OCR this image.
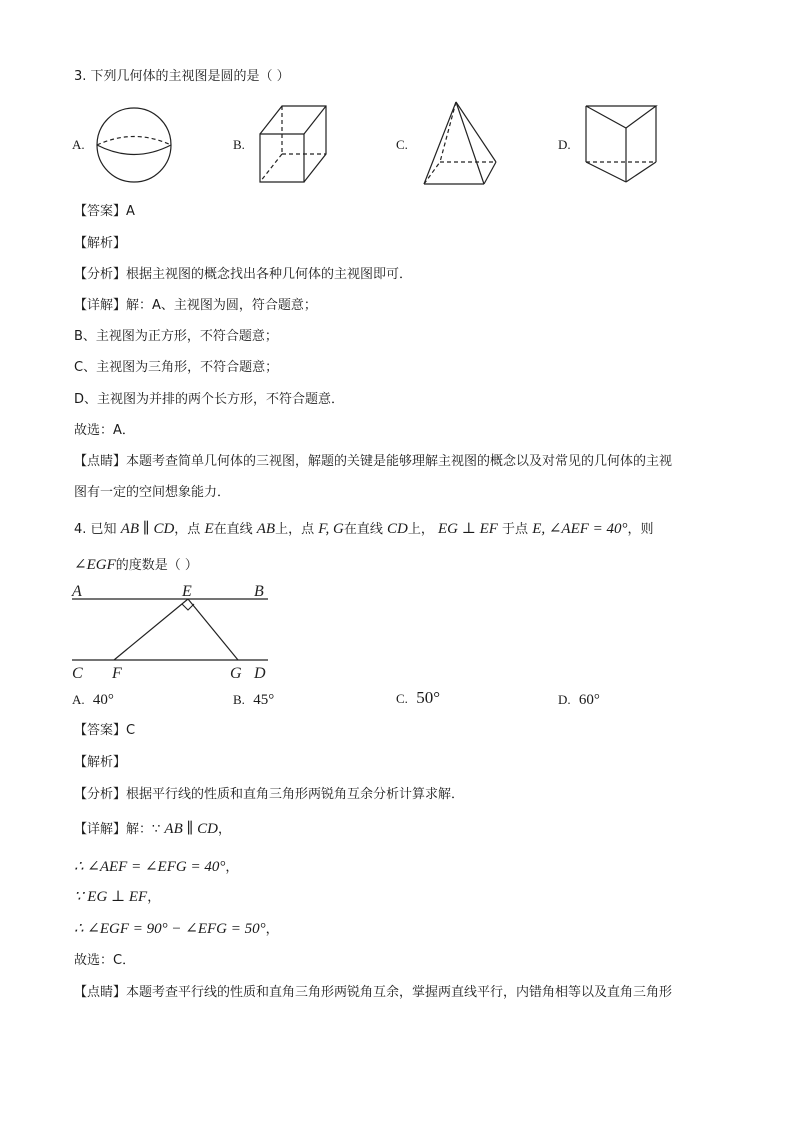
3. 下列几何体的主视图是圆的是（ ）
A.	B.	C.	D.
【答案】A
【解析】
【分析】根据主视图的概念找出各种几何体的主视图即可．
【详解】解：A、主视图为圆，符合题意；
B、主视图为正方形，不符合题意；
C、主视图为三角形，不符合题意；
D、主视图为并排的两个长方形，不符合题意．
故选：A．
【点睛】本题考查简单几何体的三视图，解题的关键是能够理解主视图的概念以及对常见的几何体的主视
图有一定的空间想象能力．
4. 已知 AB ∥ CD，点 E在直线 AB上，点 F, G在直线 CD上， EG ⊥ EF 于点 E, ∠AEF = 40°，则
∠EGF的度数是（ ）
A	E	B
C F	G D
A. 40°	B. 45°	C. 50°	D. 60°
【答案】C
【解析】
【分析】根据平行线的性质和直角三角形两锐角互余分析计算求解．
【详解】解：∵ AB ∥ CD，
∴ ∠AEF = ∠EFG = 40°，
∵ EG ⊥ EF，
∴ ∠EGF = 90° − ∠EFG = 50°，
故选：C．
【点睛】本题考查平行线的性质和直角三角形两锐角互余，掌握两直线平行，内错角相等以及直角三角形
